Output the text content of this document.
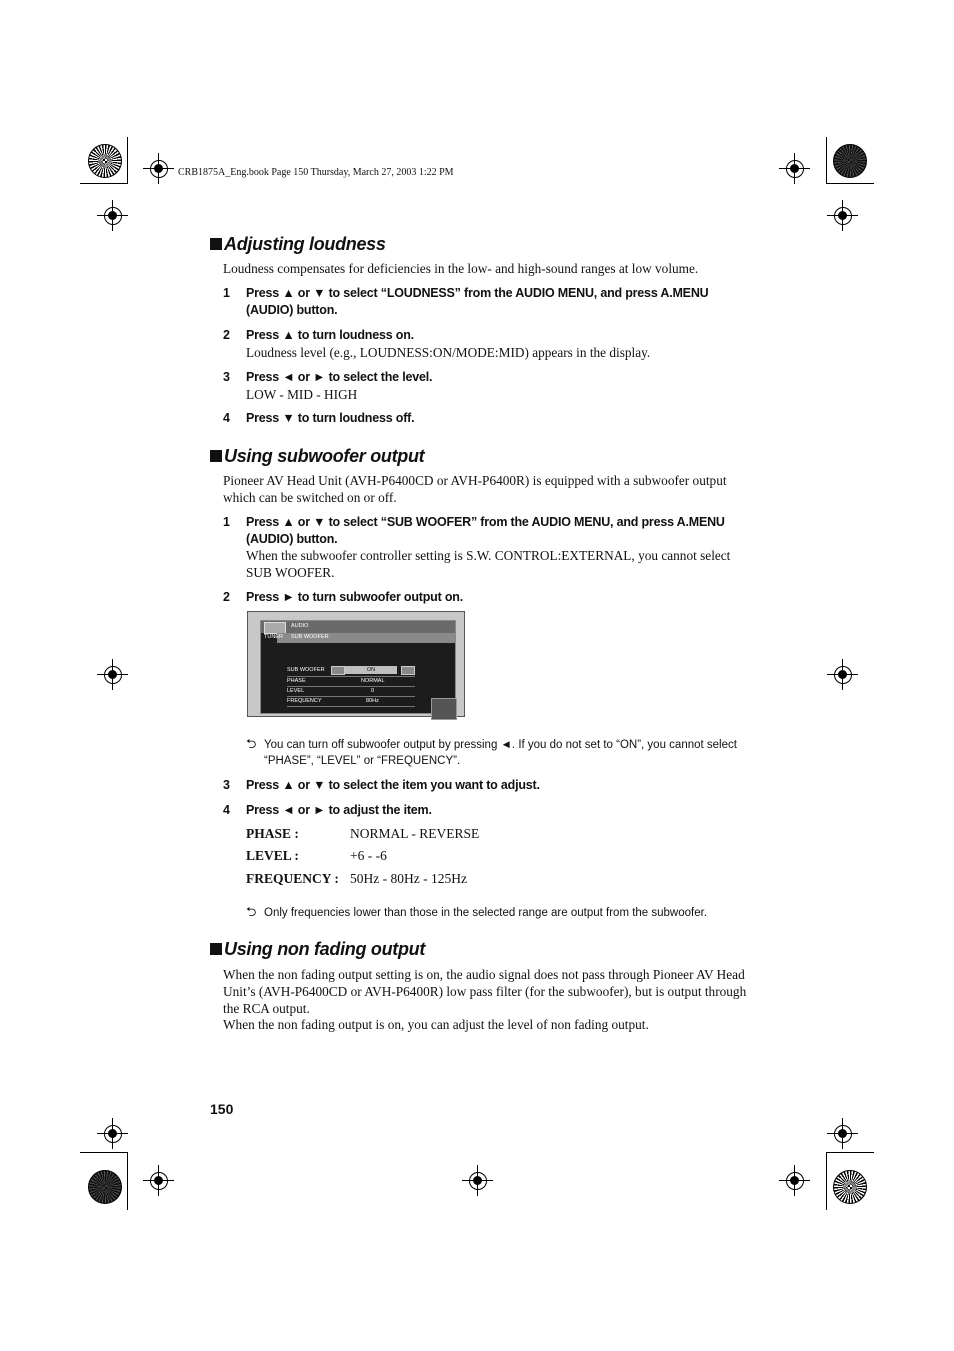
CRB1875A_Eng.book Page 150 Thursday, March 27, 2003 1:22 PM
Adjusting loudness
Loudness compensates for deficiencies in the low- and high-sound ranges at low volume.
1 Press ▲ or ▼ to select “LOUDNESS” from the AUDIO MENU, and press A.MENU (AUDIO) button.
2 Press ▲ to turn loudness on.
Loudness level (e.g., LOUDNESS:ON/MODE:MID) appears in the display.
3 Press ◄ or ► to select the level.
LOW - MID - HIGH
4 Press ▼ to turn loudness off.
Using subwoofer output
Pioneer AV Head Unit (AVH-P6400CD or AVH-P6400R) is equipped with a subwoofer output which can be switched on or off.
1 Press ▲ or ▼ to select “SUB WOOFER” from the AUDIO MENU, and press A.MENU (AUDIO) button.
When the subwoofer controller setting is S.W. CONTROL:EXTERNAL, you cannot select SUB WOOFER.
2 Press ► to turn subwoofer output on.
AUDIO
TUNER SUB WOOFER
SUB WOOFER	ON
PHASE	NORMAL
LEVEL	0
FREQUENCY	80Hz
⮌ You can turn off subwoofer output by pressing ◄. If you do not set to “ON”, you cannot select “PHASE”, “LEVEL” or “FREQUENCY”.
3 Press ▲ or ▼ to select the item you want to adjust.
4 Press ◄ or ► to adjust the item.
PHASE :	NORMAL - REVERSE
LEVEL :	+6 - -6
FREQUENCY : 50Hz - 80Hz - 125Hz
⮌ Only frequencies lower than those in the selected range are output from the subwoofer.
Using non fading output
When the non fading output setting is on, the audio signal does not pass through Pioneer AV Head Unit’s (AVH-P6400CD or AVH-P6400R) low pass filter (for the subwoofer), but is output through the RCA output.
When the non fading output is on, you can adjust the level of non fading output.
150
